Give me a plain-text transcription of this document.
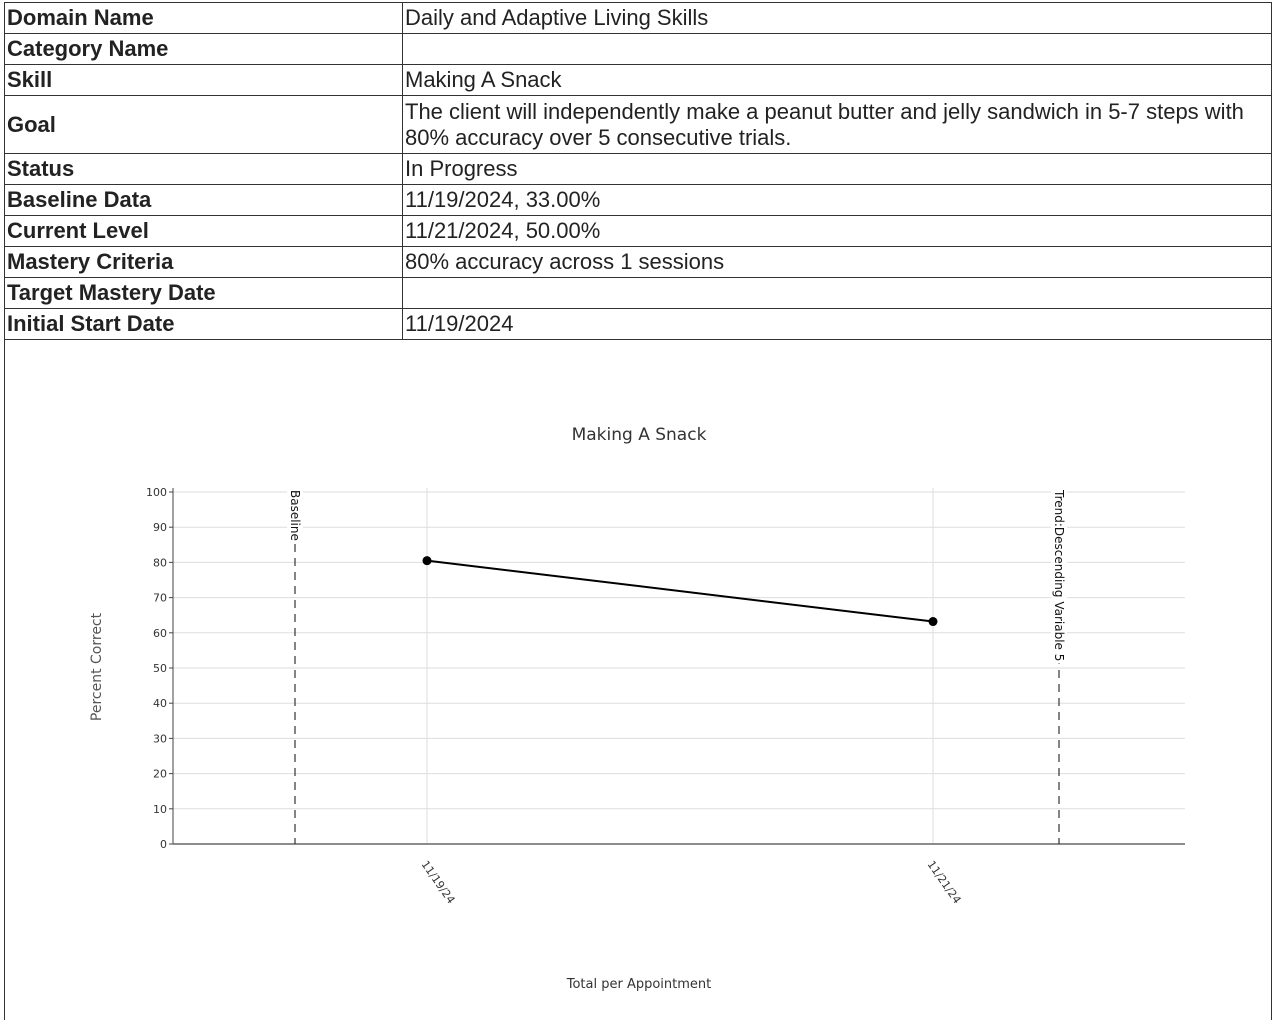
Domain Name	Daily and Adaptive Living Skills
Category Name	
Skill	Making A Snack
Goal	The client will independently make a peanut butter and jelly sandwich in 5-7 steps with 80% accuracy over 5 consecutive trials.
Status	In Progress
Baseline Data	11/19/2024, 33.00%
Current Level	11/21/2024, 50.00%
Mastery Criteria	80% accuracy across 1 sessions
Target Mastery Date	
Initial Start Date	11/19/2024
Making A Snack
Percent Correct
Total per Appointment
0
10
20
30
40
50
60
70
80
90
100
11/19/24	11/21/24
Baseline	Trend:Descending Variable 5
